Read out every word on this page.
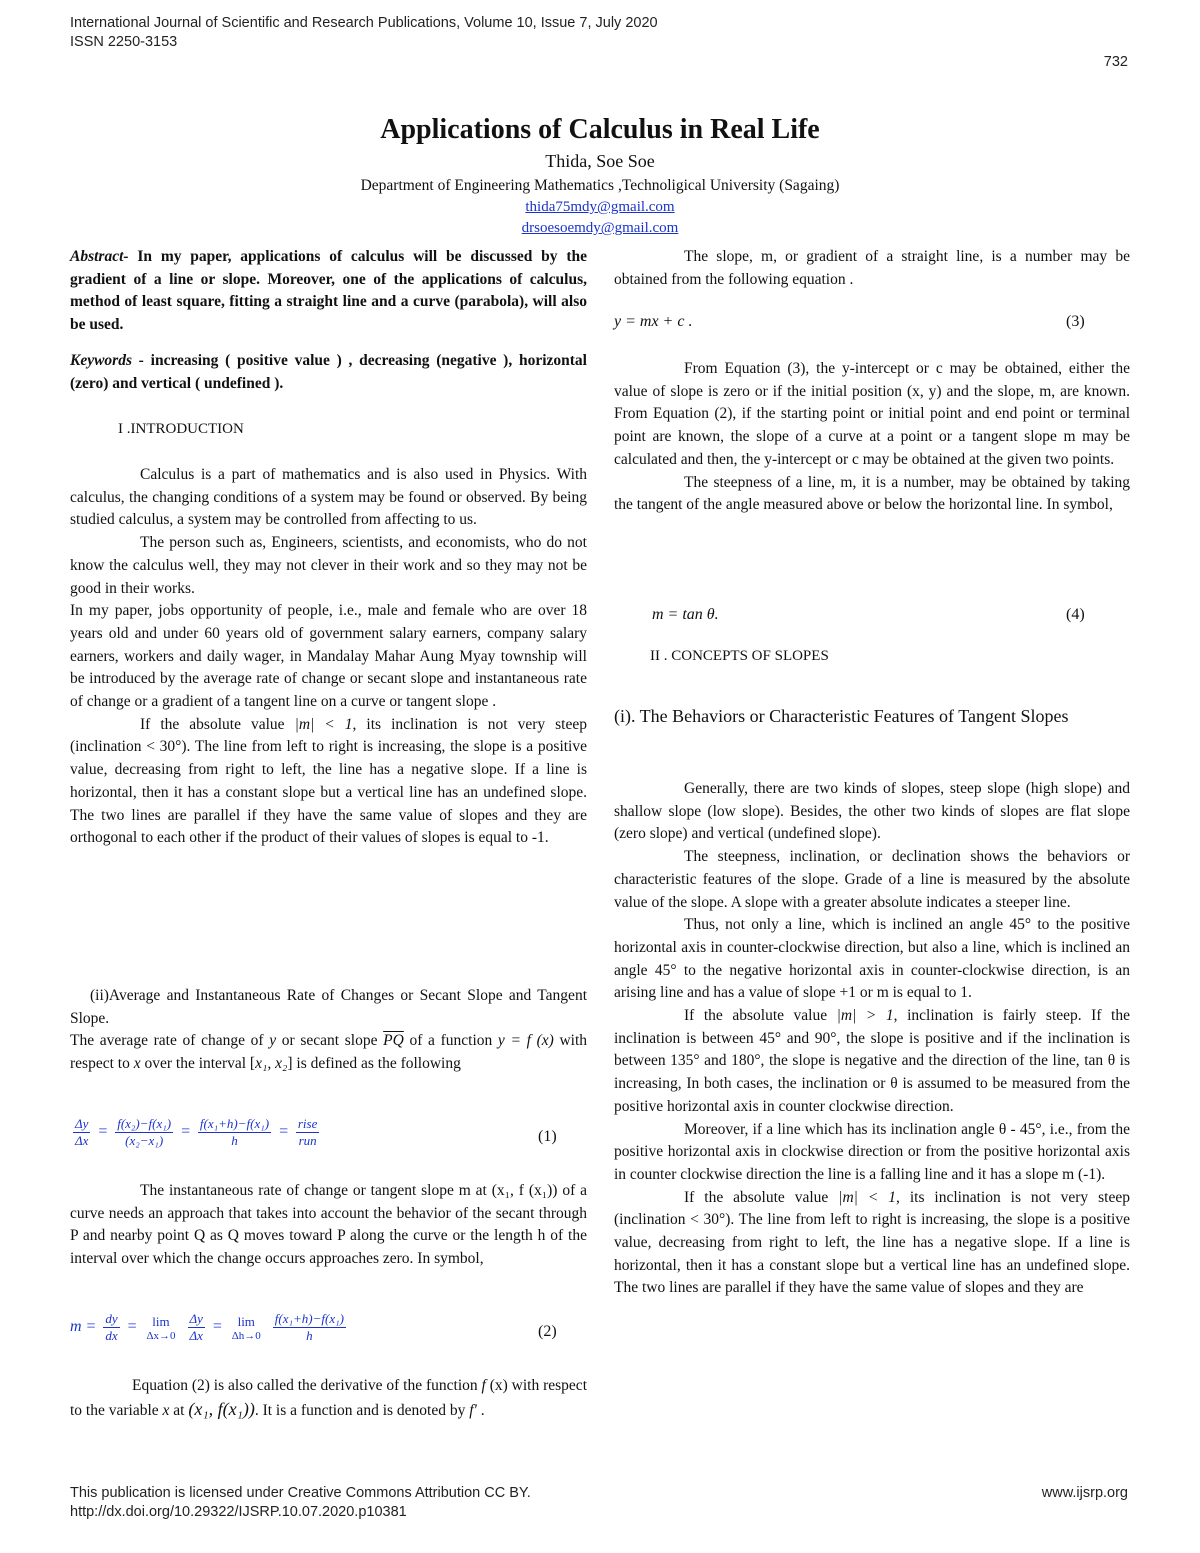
International Journal of Scientific and Research Publications, Volume 10, Issue 7, July 2020
ISSN 2250-3153
732
Applications of Calculus in Real Life
Thida, Soe Soe
Department of Engineering Mathematics ,Technoligical University (Sagaing)
thida75mdy@gmail.com
drsoesoemdy@gmail.com

Abstract- In my paper, applications of calculus will be discussed by the gradient of a line or slope. Moreover, one of the applications of calculus, method of least square, fitting a straight line and a curve (parabola), will also be used.

Keywords - increasing ( positive value ) , decreasing (negative ), horizontal (zero) and vertical ( undefined ).

I .INTRODUCTION

Calculus is a part of mathematics and is also used in Physics. With calculus, the changing conditions of a system may be found or observed. By being studied calculus, a system may be controlled from affecting to us.

The person such as, Engineers, scientists, and economists, who do not know the calculus well, they may not clever in their work and so they may not be good in their works.

In my paper, jobs opportunity of people, i.e., male and female who are over 18 years old and under 60 years old of government salary earners, company salary earners, workers and daily wager, in Mandalay Mahar Aung Myay township will be introduced by the average rate of change or secant slope and instantaneous rate of change or a gradient of a tangent line on a curve or tangent slope .

If the absolute value |m| < 1, its inclination is not very steep (inclination < 30°). The line from left to right is increasing, the slope is a positive value, decreasing from right to left, the line has a negative slope. If a line is horizontal, then it has a constant slope but a vertical line has an undefined slope. The two lines are parallel if they have the same value of slopes and they are orthogonal to each other if the product of their values of slopes is equal to -1.

(ii)Average and Instantaneous Rate of Changes or Secant Slope and Tangent Slope.

The average rate of change of y or secant slope $\overline{PQ}$ of a function y = f (x) with respect to x over the interval [x₁, x₂] is defined as the following

$\frac{\Delta y}{\Delta x} = \frac{\text{f(x₂)−f(x₁)}}{\text{(x₂−x₁)}} = \frac{\text{f(x₁+h)−f(x₁)}}{h} = \frac{\text{rise}}{\text{run}}$	(1)

The instantaneous rate of change or tangent slope m at (x₁, f (x₁)) of a curve needs an approach that takes into account the behavior of the secant through P and nearby point Q as Q moves toward P along the curve or the length h of the interval over which the change occurs approaches zero. In symbol,

$m = \frac{dy}{dx} = \lim$
Δx→0
$\frac{\Delta y}{\Delta x} = \lim$
Δh→0
$\frac{\text{f(x₁+h)−f(x₁)}}{h}$	(2)

Equation (2) is also called the derivative of the function f (x) with respect to the variable x at (x₁, f(x₁)). It is a function and is denoted by f′ .

The slope, m, or gradient of a straight line, is a number may be obtained from the following equation .

y = mx + c .	(3)

From Equation (3), the y-intercept or c may be obtained, either the value of slope is zero or if the initial position (x, y) and the slope, m, are known. From Equation (2), if the starting point or initial point and end point or terminal point are known, the slope of a curve at a point or a tangent slope m may be calculated and then, the y-intercept or c may be obtained at the given two points.

The steepness of a line, m, it is a number, may be obtained by taking the tangent of the angle measured above or below the horizontal line. In symbol,

m = tan θ.	(4)
II . CONCEPTS OF SLOPES
(i). The Behaviors or Characteristic Features of Tangent Slopes

Generally, there are two kinds of slopes, steep slope (high slope) and shallow slope (low slope). Besides, the other two kinds of slopes are flat slope (zero slope) and vertical (undefined slope).

The steepness, inclination, or declination shows the behaviors or characteristic features of the slope. Grade of a line is measured by the absolute value of the slope. A slope with a greater absolute indicates a steeper line.

Thus, not only a line, which is inclined an angle 45° to the positive horizontal axis in counter-clockwise direction, but also a line, which is inclined an angle 45° to the negative horizontal axis in counter-clockwise direction, is an arising line and has a value of slope +1 or m is equal to 1.

If the absolute value |m| > 1, inclination is fairly steep. If the inclination is between 45° and 90°, the slope is positive and if the inclination is between 135° and 180°, the slope is negative and the direction of the line, tan θ is increasing, In both cases, the inclination or θ is assumed to be measured from the positive horizontal axis in counter clockwise direction.

Moreover, if a line which has its inclination angle θ - 45°, i.e., from the positive horizontal axis in clockwise direction or from the positive horizontal axis in counter clockwise direction the line is a falling line and it has a slope m (-1).

If the absolute value |m| < 1, its inclination is not very steep (inclination < 30°). The line from left to right is increasing, the slope is a positive value, decreasing from right to left, the line has a negative slope. If a line is horizontal, then it has a constant slope but a vertical line has an undefined slope. The two lines are parallel if they have the same value of slopes and they are

This publication is licensed under Creative Commons Attribution CC BY.
http://dx.doi.org/10.29322/IJSRP.10.07.2020.p10381
www.ijsrp.org
